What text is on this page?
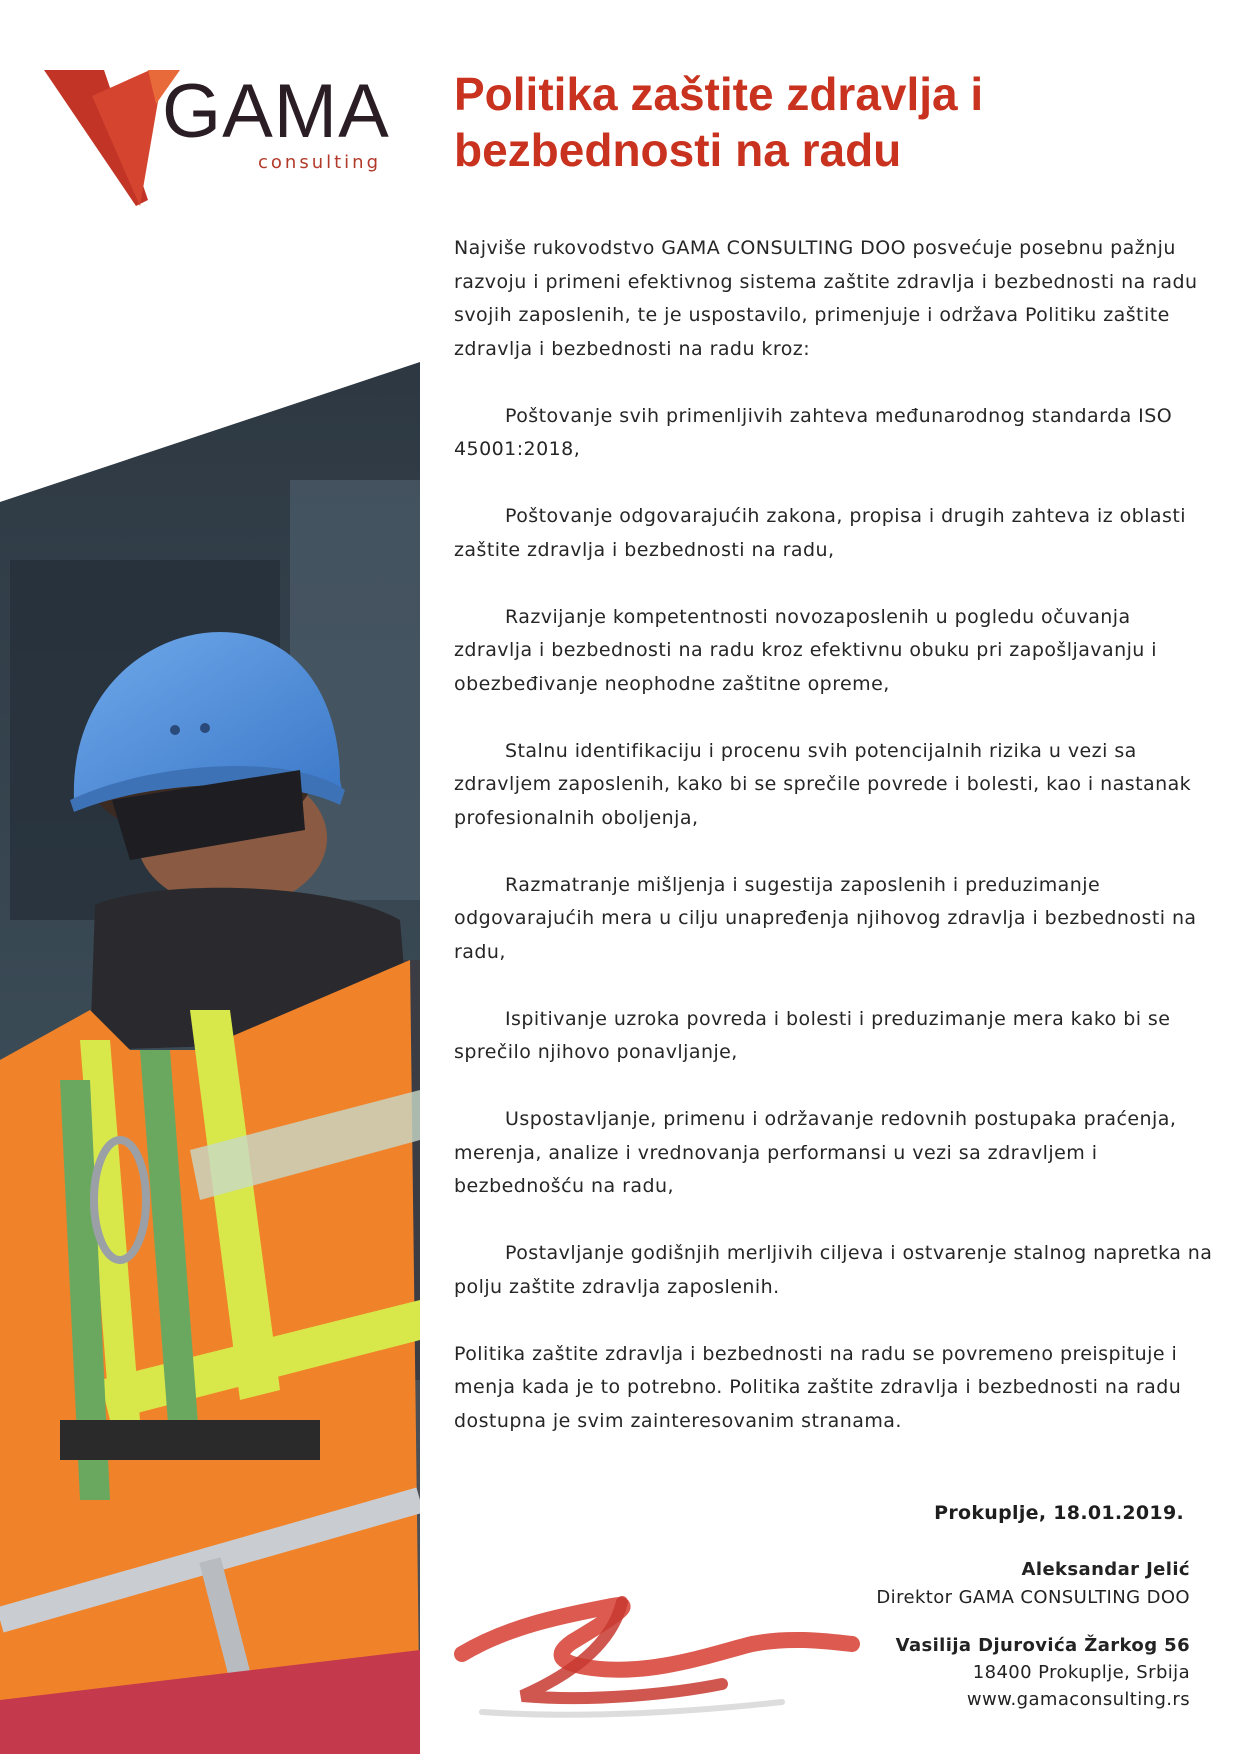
GAMA
consulting
Politika zaštite zdravlja i bezbednosti na radu

Najviše rukovodstvo GAMA CONSULTING DOO posvećuje posebnu pažnju razvoju i primeni efektivnog sistema zaštite zdravlja i bezbednosti na radu svojih zaposlenih, te je uspostavilo, primenjuje i održava Politiku zaštite zdravlja i bezbednosti na radu kroz:

Poštovanje svih primenljivih zahteva međunarodnog standarda ISO 45001:2018,

Poštovanje odgovarajućih zakona, propisa i drugih zahteva iz oblasti zaštite zdravlja i bezbednosti na radu,

Razvijanje kompetentnosti novozaposlenih u pogledu očuvanja zdravlja i bezbednosti na radu kroz efektivnu obuku pri zapošljavanju i obezbeđivanje neophodne zaštitne opreme,

Stalnu identifikaciju i procenu svih potencijalnih rizika u vezi sa zdravljem zaposlenih, kako bi se sprečile povrede i bolesti, kao i nastanak profesionalnih oboljenja,

Razmatranje mišljenja i sugestija zaposlenih i preduzimanje odgovarajućih mera u cilju unapređenja njihovog zdravlja i bezbednosti na radu,

Ispitivanje uzroka povreda i bolesti i preduzimanje mera kako bi se sprečilo njihovo ponavljanje,

Uspostavljanje, primenu i održavanje redovnih postupaka praćenja, merenja, analize i vrednovanja performansi u vezi sa zdravljem i bezbednošću na radu,

Postavljanje godišnjih merljivih ciljeva i ostvarenje stalnog napretka na polju zaštite zdravlja zaposlenih.

Politika zaštite zdravlja i bezbednosti na radu se povremeno preispituje i menja kada je to potrebno. Politika zaštite zdravlja i bezbednosti na radu dostupna je svim zainteresovanim stranama.

Prokuplje, 18.01.2019.
Aleksandar Jelić
Direktor GAMA CONSULTING DOO
Vasilija Djurovića Žarkog 56
18400 Prokuplje, Srbija
www.gamaconsulting.rs
